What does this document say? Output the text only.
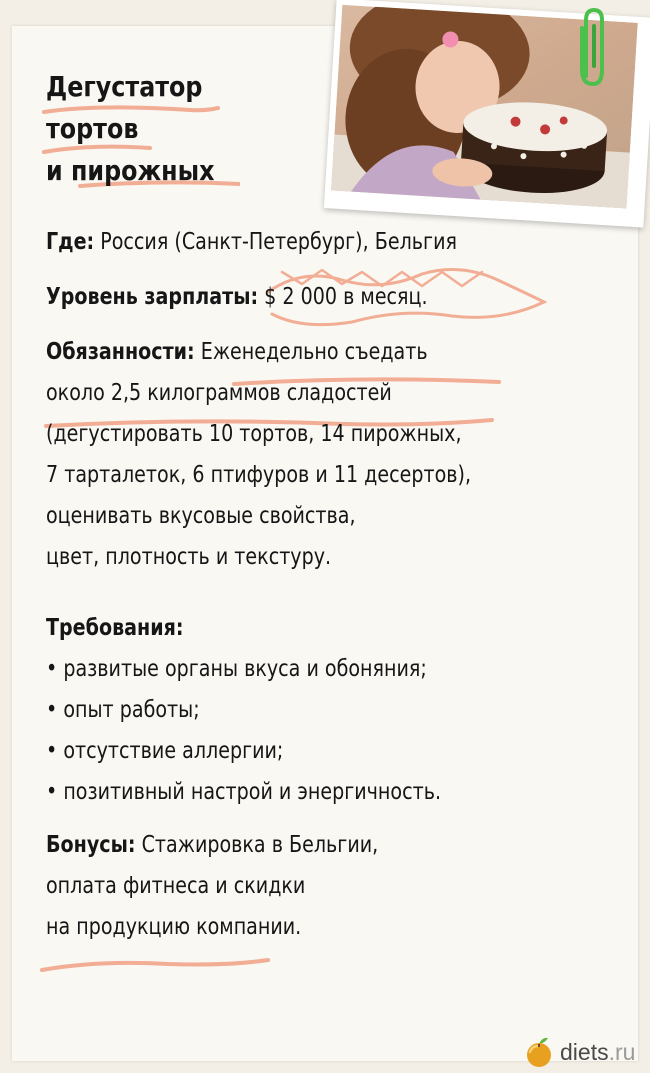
Дегустатор
тортов
и пирожных
Где: Россия (Санкт-Петербург), Бельгия
Уровень зарплаты: $ 2 000 в месяц.
Обязанности: Еженедельно съедать
около 2,5 килограммов сладостей
(дегустировать 10 тортов, 14 пирожных,
7 тарталеток, 6 птифуров и 11 десертов),
оценивать вкусовые свойства,
цвет, плотность и текстуру.
Требования:
• развитые органы вкуса и обоняния;
• опыт работы;
• отсутствие аллергии;
• позитивный настрой и энергичность.
Бонусы: Стажировка в Бельгии,
оплата фитнеса и скидки
на продукцию компании.
diets.ru
